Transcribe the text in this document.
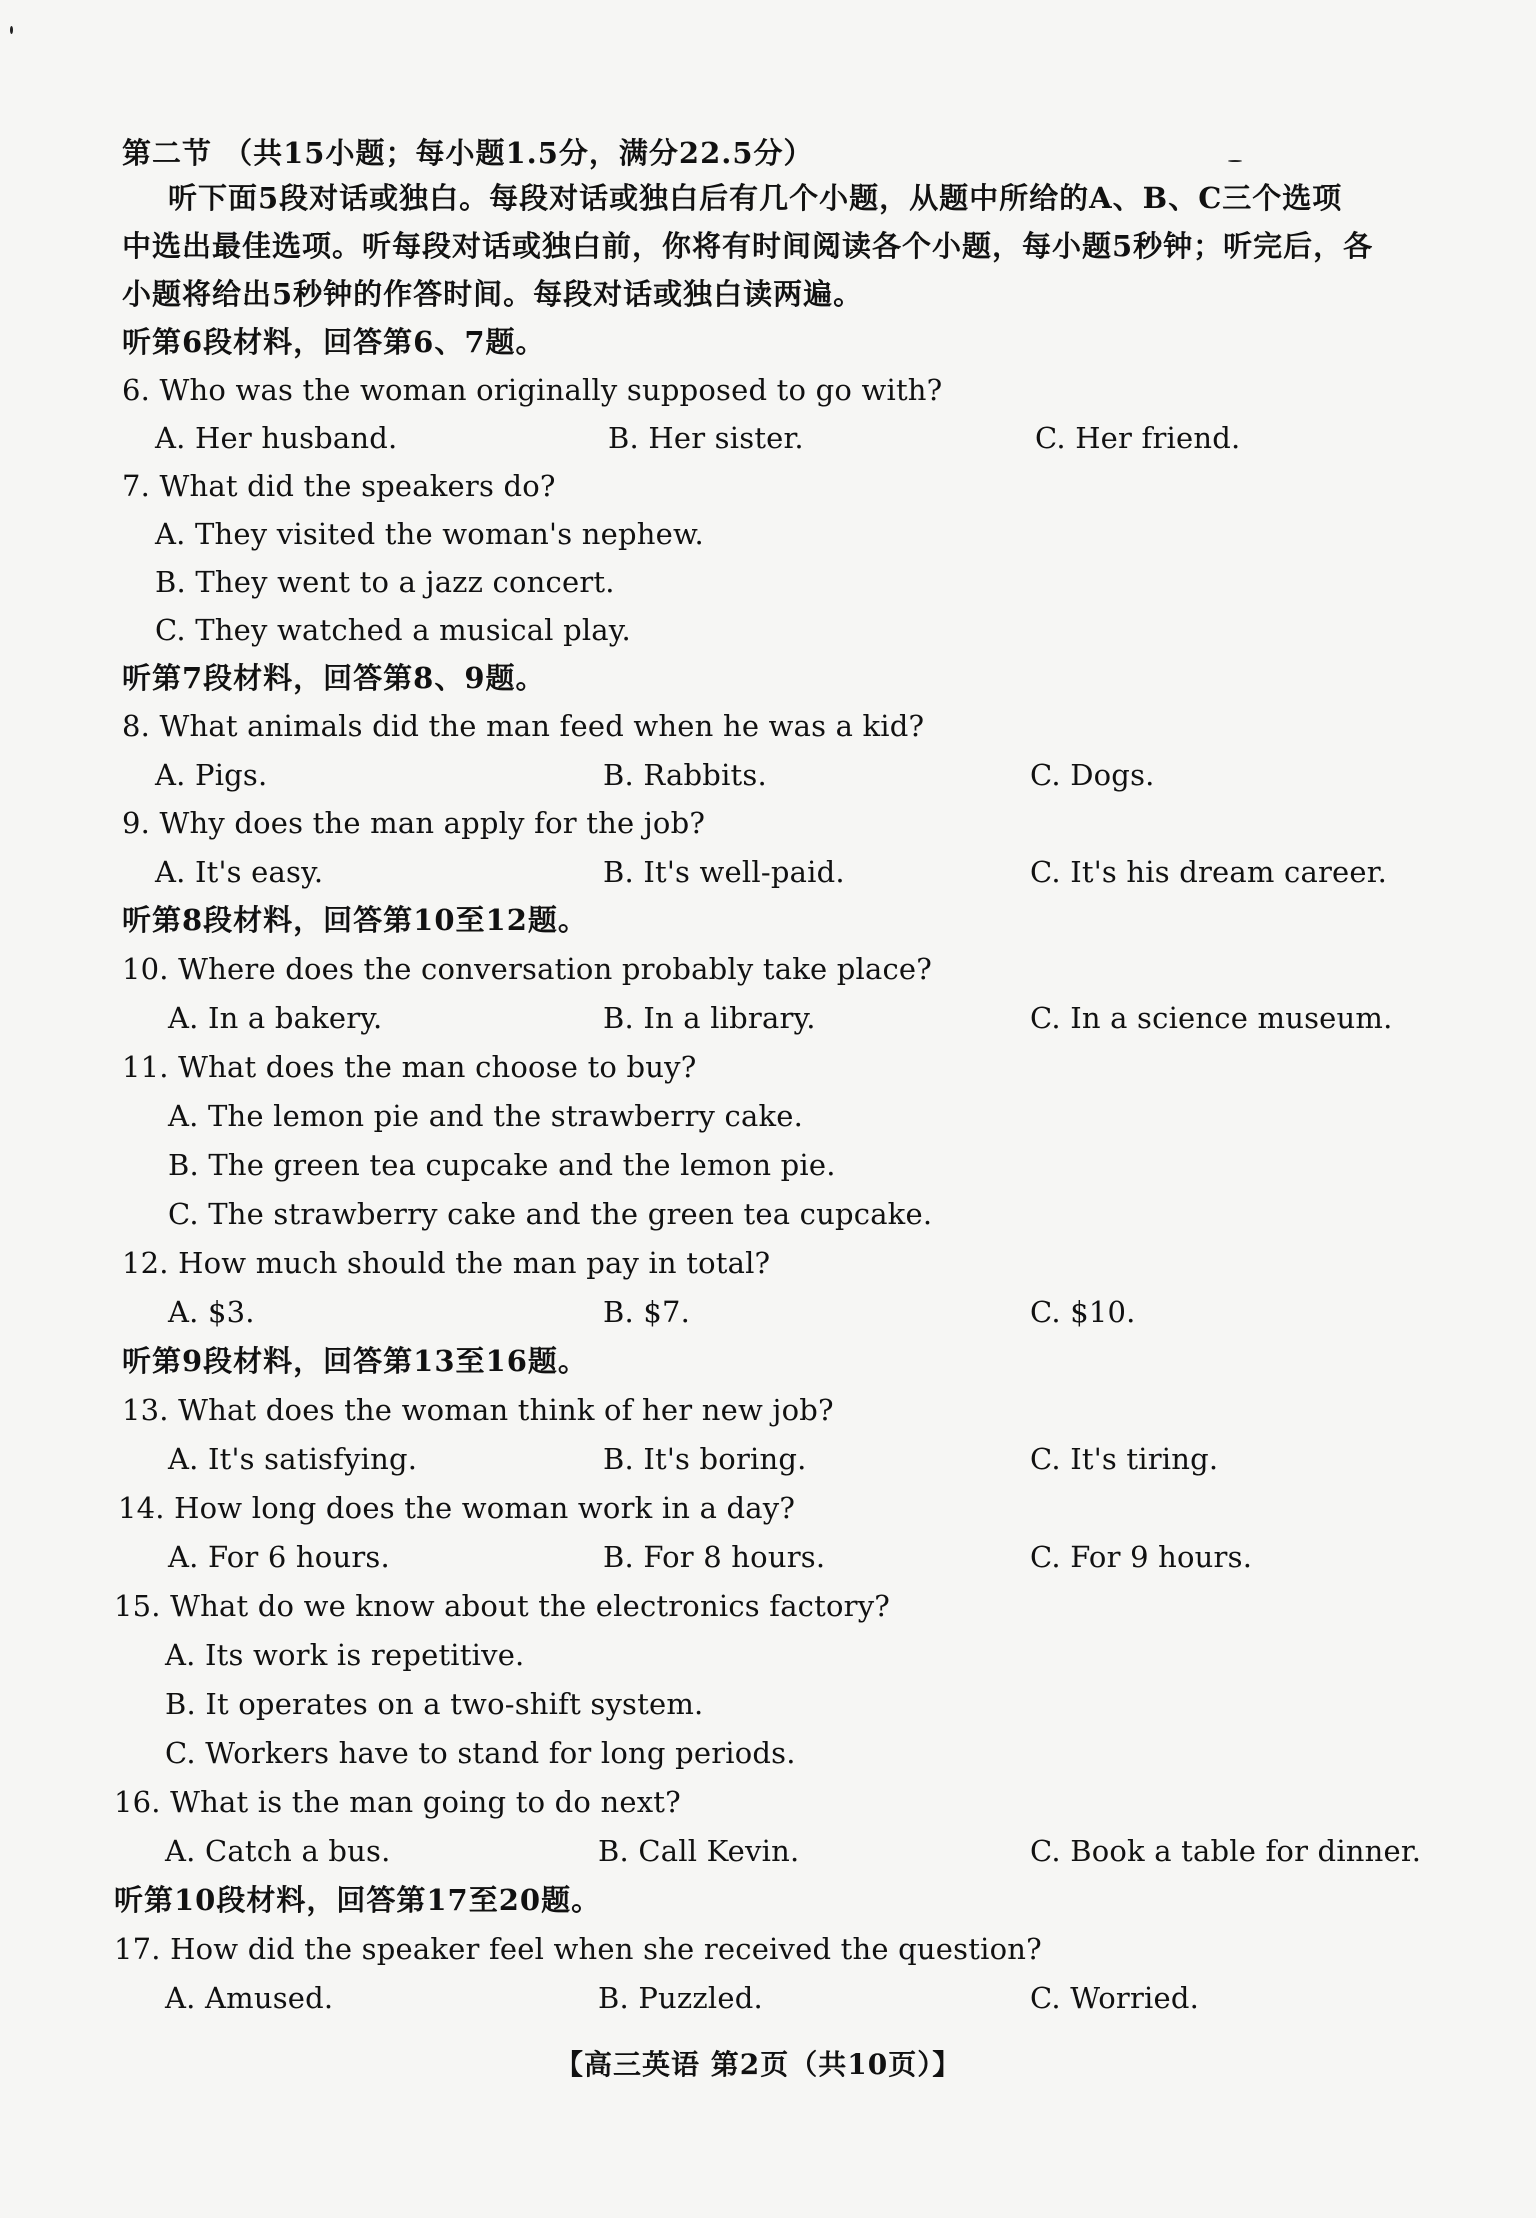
第二节 （共15小题；每小题1.5分，满分22.5分）
听下面5段对话或独白。每段对话或独白后有几个小题，从题中所给的A、B、C三个选项
中选出最佳选项。听每段对话或独白前，你将有时间阅读各个小题，每小题5秒钟；听完后，各
小题将给出5秒钟的作答时间。每段对话或独白读两遍。
听第6段材料，回答第6、7题。
6. Who was the woman originally supposed to go with?
A. Her husband.	B. Her sister.	C. Her friend.
7. What did the speakers do?
A. They visited the woman's nephew.
B. They went to a jazz concert.
C. They watched a musical play.
听第7段材料，回答第8、9题。
8. What animals did the man feed when he was a kid?
A. Pigs.	B. Rabbits.	C. Dogs.
9. Why does the man apply for the job?
A. It's easy.	B. It's well-paid.	C. It's his dream career.
听第8段材料，回答第10至12题。
10. Where does the conversation probably take place?
A. In a bakery.	B. In a library.	C. In a science museum.
11. What does the man choose to buy?
A. The lemon pie and the strawberry cake.
B. The green tea cupcake and the lemon pie.
C. The strawberry cake and the green tea cupcake.
12. How much should the man pay in total?
A. $3.	B. $7.	C. $10.
听第9段材料，回答第13至16题。
13. What does the woman think of her new job?
A. It's satisfying.	B. It's boring.	C. It's tiring.
14. How long does the woman work in a day?
A. For 6 hours.	B. For 8 hours.	C. For 9 hours.
15. What do we know about the electronics factory?
A. Its work is repetitive.
B. It operates on a two-shift system.
C. Workers have to stand for long periods.
16. What is the man going to do next?
A. Catch a bus.	B. Call Kevin.	C. Book a table for dinner.
听第10段材料，回答第17至20题。
17. How did the speaker feel when she received the question?
A. Amused.	B. Puzzled.	C. Worried.
【高三英语 第2页（共10页）】
